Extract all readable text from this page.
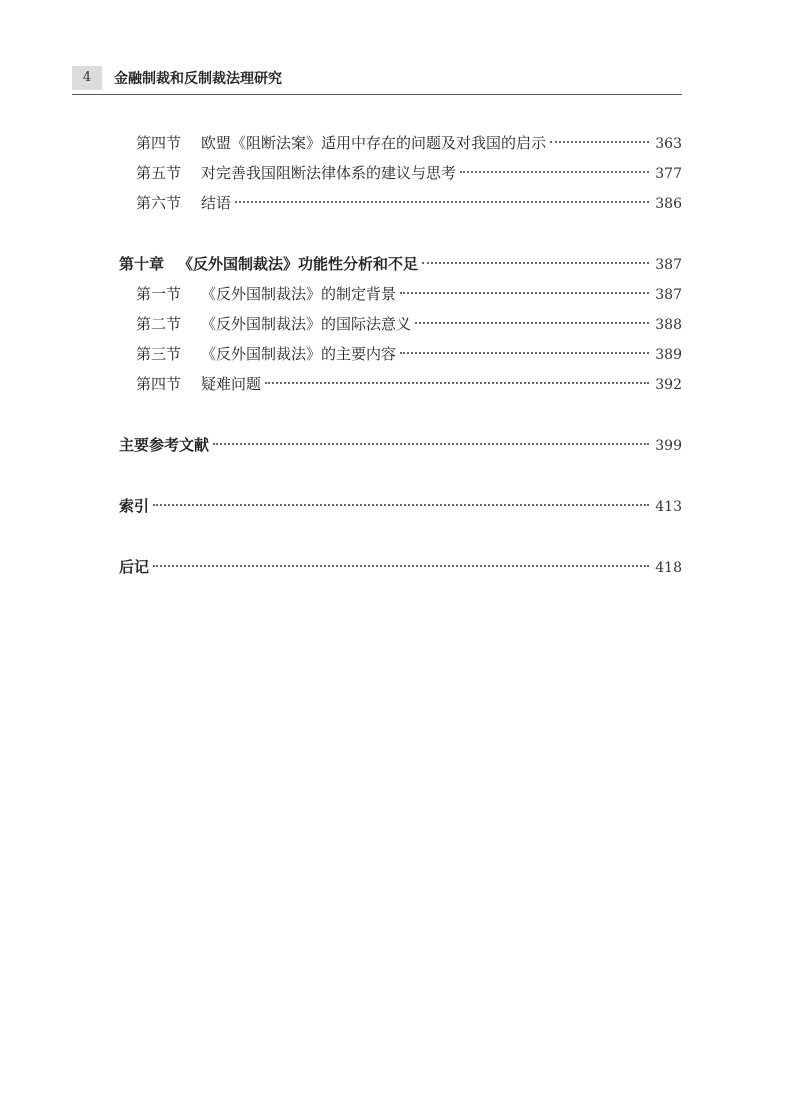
4	金融制裁和反制裁法理研究
第四节 欧盟《阻断法案》适用中存在的问题及对我国的启示	363
第五节 对完善我国阻断法律体系的建议与思考	377
第六节 结语	386
第十章 《反外国制裁法》功能性分析和不足	387
第一节 《反外国制裁法》的制定背景	387
第二节 《反外国制裁法》的国际法意义	388
第三节 《反外国制裁法》的主要内容	389
第四节 疑难问题	392
主要参考文献	399
索引	413
后记	418
